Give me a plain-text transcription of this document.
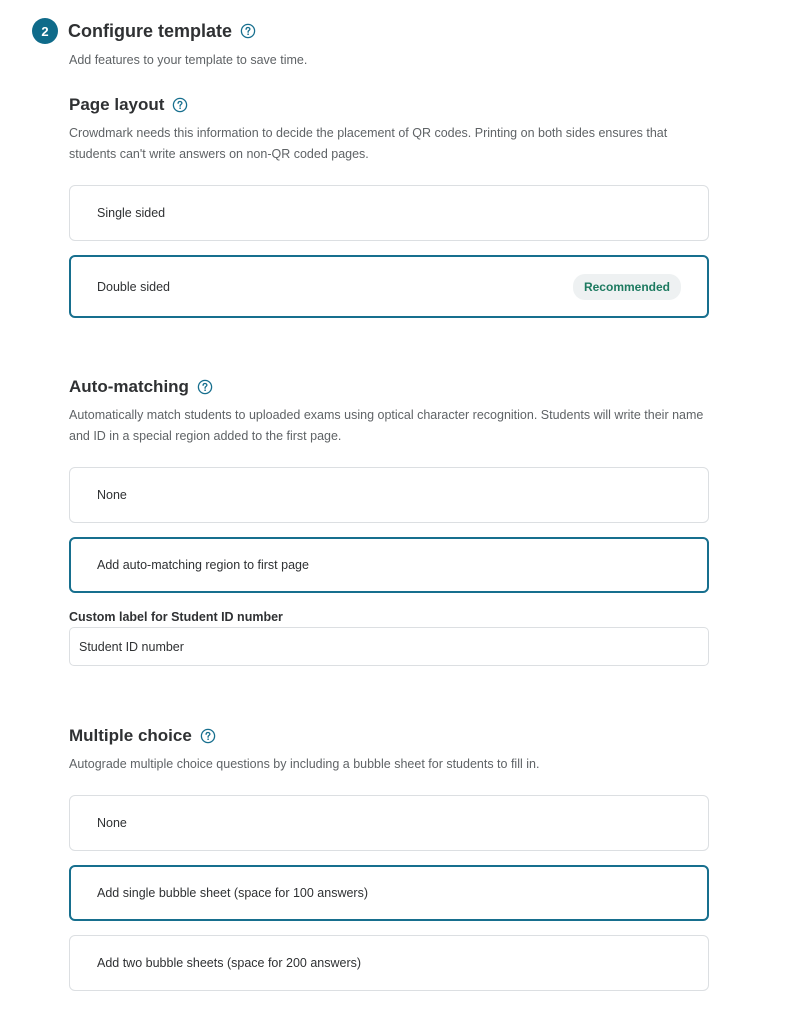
2	Configure template
Add features to your template to save time.
Page layout
Crowdmark needs this information to decide the placement of QR codes. Printing on both sides ensures that students can't write answers on non-QR coded pages.
Single sided
Double sided	Recommended
Auto-matching
Automatically match students to uploaded exams using optical character recognition. Students will write their name and ID in a special region added to the first page.
None
Add auto-matching region to first page
Custom label for Student ID number
Student ID number
Multiple choice
Autograde multiple choice questions by including a bubble sheet for students to fill in.
None
Add single bubble sheet (space for 100 answers)
Add two bubble sheets (space for 200 answers)
